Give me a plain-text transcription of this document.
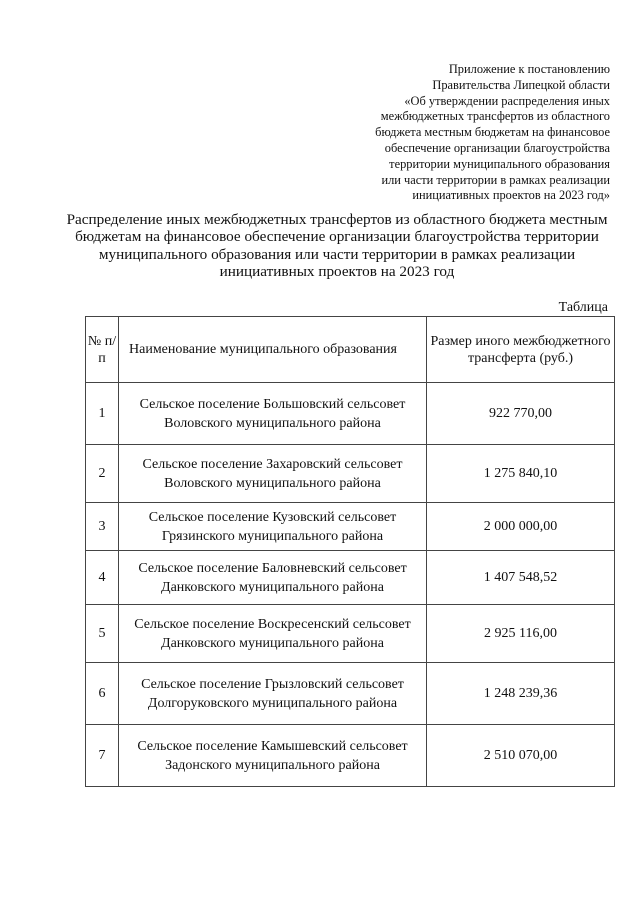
Приложение к постановлению
Правительства Липецкой области
«Об утверждении распределения иных
межбюджетных трансфертов из областного
бюджета местным бюджетам на финансовое
обеспечение организации благоустройства
территории муниципального образования
или части территории в рамках реализации
инициативных проектов на 2023 год»
Распределение иных межбюджетных трансфертов из областного бюджета местным
бюджетам на финансовое обеспечение организации благоустройства территории
муниципального образования или части территории в рамках реализации
инициативных проектов на 2023 год
Таблица
№ п/п	Наименование муниципального образования	Размер иного межбюджетного трансферта (руб.)
1	Сельское поселение Большовский сельсовет
Воловского муниципального района	922 770,00
2	Сельское поселение Захаровский сельсовет
Воловского муниципального района	1 275 840,10
3	Сельское поселение Кузовский сельсовет
Грязинского муниципального района	2 000 000,00
4	Сельское поселение Баловневский сельсовет
Данковского муниципального района	1 407 548,52
5	Сельское поселение Воскресенский сельсовет
Данковского муниципального района	2 925 116,00
6	Сельское поселение Грызловский сельсовет
Долгоруковского муниципального района	1 248 239,36
7	Сельское поселение Камышевский сельсовет
Задонского муниципального района	2 510 070,00
